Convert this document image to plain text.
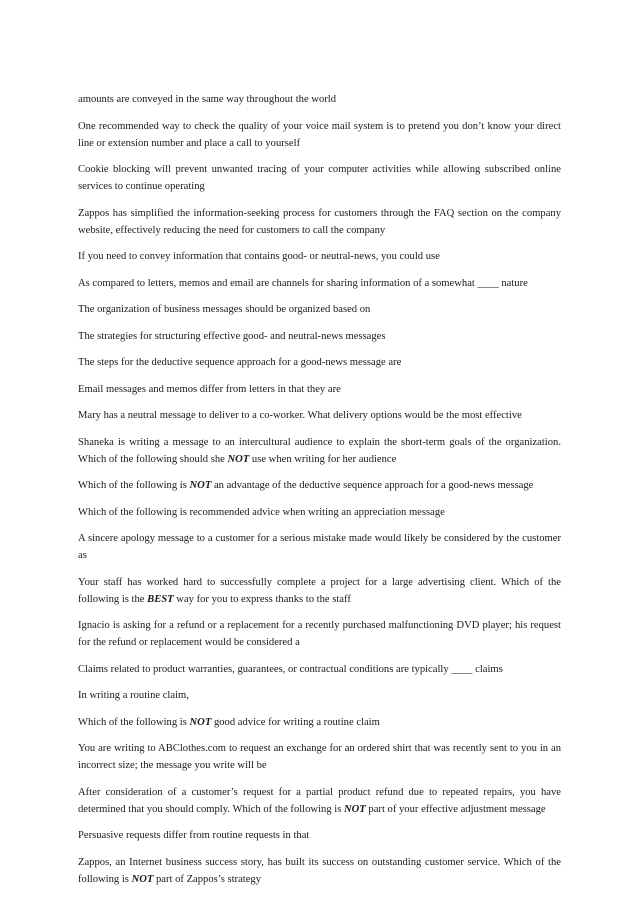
amounts are conveyed in the same way throughout the world

One recommended way to check the quality of your voice mail system is to pretend you don’t know your direct line or extension number and place a call to yourself

Cookie blocking will prevent unwanted tracing of your computer activities while allowing subscribed online services to continue operating

Zappos has simplified the information-seeking process for customers through the FAQ section on the company website, effectively reducing the need for customers to call the company

If you need to convey information that contains good- or neutral-news, you could use

As compared to letters, memos and email are channels for sharing information of a somewhat ____ nature

The organization of business messages should be organized based on

The strategies for structuring effective good- and neutral-news messages

The steps for the deductive sequence approach for a good-news message are

Email messages and memos differ from letters in that they are

Mary has a neutral message to deliver to a co-worker. What delivery options would be the most effective

Shaneka is writing a message to an intercultural audience to explain the short-term goals of the organization. Which of the following should she NOT use when writing for her audience

Which of the following is NOT an advantage of the deductive sequence approach for a good-news message

Which of the following is recommended advice when writing an appreciation message

A sincere apology message to a customer for a serious mistake made would likely be considered by the customer as

Your staff has worked hard to successfully complete a project for a large advertising client. Which of the following is the BEST way for you to express thanks to the staff

Ignacio is asking for a refund or a replacement for a recently purchased malfunctioning DVD player; his request for the refund or replacement would be considered a

Claims related to product warranties, guarantees, or contractual conditions are typically ____ claims

In writing a routine claim,

Which of the following is NOT good advice for writing a routine claim

You are writing to ABClothes.com to request an exchange for an ordered shirt that was recently sent to you in an incorrect size; the message you write will be

After consideration of a customer’s request for a partial product refund due to repeated repairs, you have determined that you should comply. Which of the following is NOT part of your effective adjustment message

Persuasive requests differ from routine requests in that

Zappos, an Internet business success story, has built its success on outstanding customer service. Which of the following is NOT part of Zappos’s strategy
